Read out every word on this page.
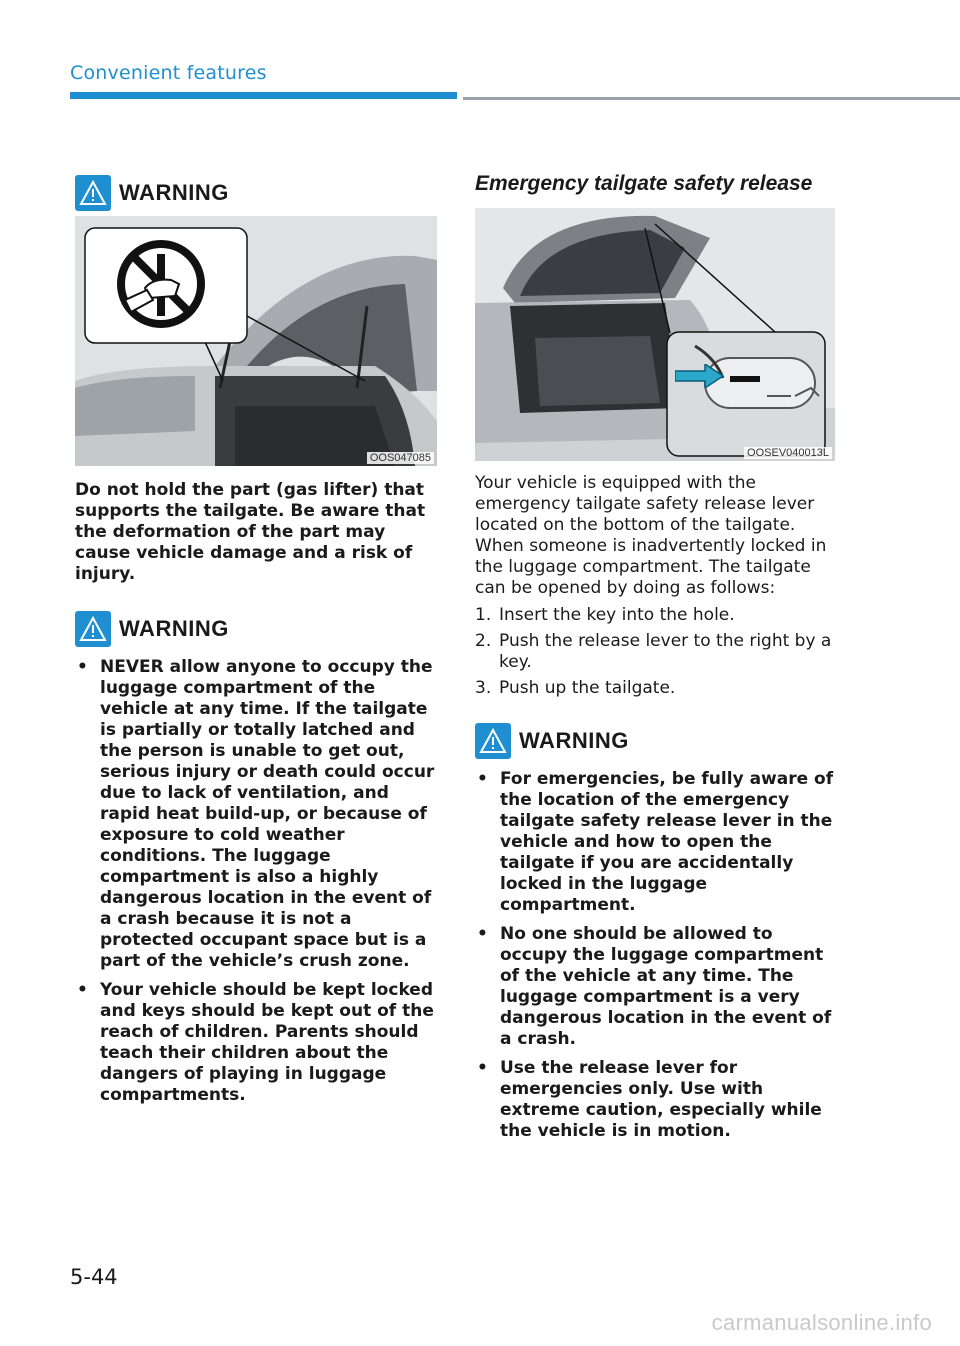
Convenient features
WARNING
OOS047085

Do not hold the part (gas lifter) that supports the tailgate. Be aware that the deformation of the part may cause vehicle damage and a risk of injury.

WARNING
• NEVER allow anyone to occupy the luggage compartment of the vehicle at any time. If the tailgate is partially or totally latched and the person is unable to get out, serious injury or death could occur due to lack of ventilation, and rapid heat build-up, or because of exposure to cold weather conditions. The luggage compartment is also a highly dangerous location in the event of a crash because it is not a protected occupant space but is a part of the vehicle’s crush zone.
• Your vehicle should be kept locked and keys should be kept out of the reach of children. Parents should teach their children about the dangers of playing in luggage compartments.
Emergency tailgate safety release
OOSEV040013L

Your vehicle is equipped with the emergency tailgate safety release lever located on the bottom of the tailgate. When someone is inadvertently locked in the luggage compartment. The tailgate can be opened by doing as follows:

1. Insert the key into the hole.
2. Push the release lever to the right by a key.
3. Push up the tailgate.
WARNING
• For emergencies, be fully aware of the location of the emergency tailgate safety release lever in the vehicle and how to open the tailgate if you are accidentally locked in the luggage compartment.
• No one should be allowed to occupy the luggage compartment of the vehicle at any time. The luggage compartment is a very dangerous location in the event of a crash.
• Use the release lever for emergencies only. Use with extreme caution, especially while the vehicle is in motion.
5-44
carmanualsonline.info
